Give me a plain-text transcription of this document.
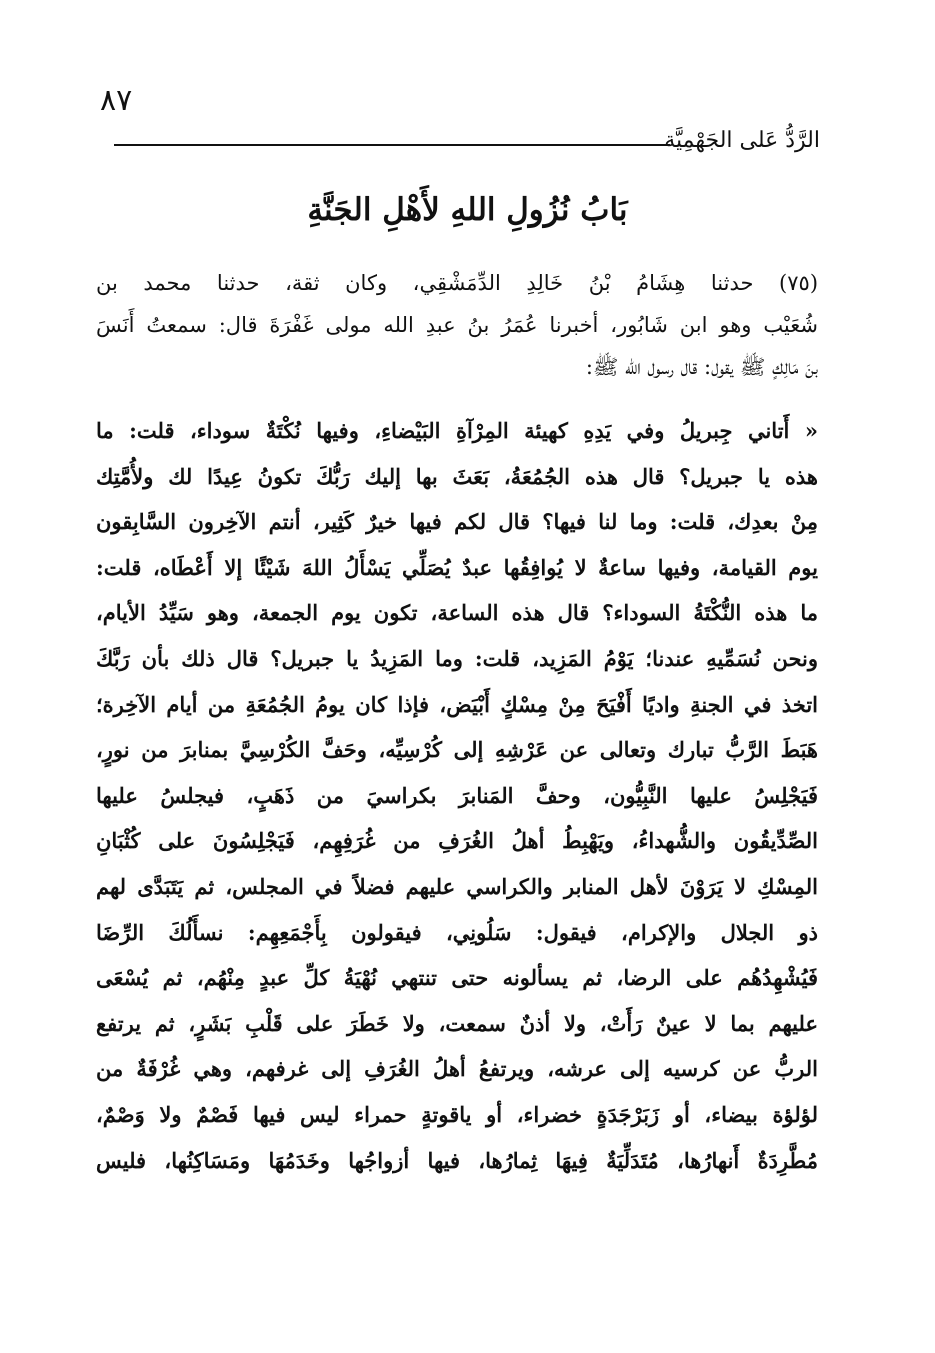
٨٧
الرَّدُّ عَلى الجَهْمِيَّة
بَابُ نُزُولِ اللهِ لأَهْلِ الجَنَّةِ
(٧٥) حدثنا هِشَامُ بْنُ خَالِدِ الدِّمَشْقِي، وكان ثقة، حدثنا محمد بن
شُعَيْب وهو ابن شَابُور، أخبرنا عُمَرُ بنُ عبدِ الله مولى غَفْرَةَ قال: سمعتُ أَنَسَ
بنَ مَالِكٍ ﷺ يقول: قال رسول الله ﷺ:
« أَتاني جِبريلُ وفي يَدِهِ كهيئة المِرْآةِ البَيْضاءِ، وفيها نُكْتَةٌ سوداء، قلت: ما
هذه يا جبريل؟ قال هذه الجُمُعَةُ، بَعَثَ بها إليك رَبُّكَ تكونُ عِيدًا لك ولأُمَّتِك
مِنْ بعدِك، قلت: وما لنا فيها؟ قال لكم فيها خيرٌ كَثِير، أنتم الآخِرون السَّابِقون
يوم القيامة، وفيها ساعةٌ لا يُوافِقُها عبدٌ يُصَلِّي يَسْأَلُ اللهَ شَيْئًا إلا أَعْطَاه، قلت:
ما هذه النُّكْتَةُ السوداء؟ قال هذه الساعة، تكون يوم الجمعة، وهو سَيِّدُ الأيام،
ونحن نُسَمِّيهِ عندنا؛ يَوْمُ المَزِيد، قلت: وما المَزِيدُ يا جبريل؟ قال ذلك بأن رَبَّكَ
اتخذ في الجنةِ واديًا أَفْيَحَ مِنْ مِسْكٍ أَبْيَض، فإذا كان يومُ الجُمُعَةِ من أيام الآخِرة؛
هَبَطَ الرَّبُّ تبارك وتعالى عن عَرْشِهِ إلى كُرْسِيِّه، وحَفَّ الكُرْسِيَّ بمنابرَ من نورٍ،
فَيَجْلِسُ عليها النَّبِيُّون، وحفَّ المَنابرَ بكراسيَ من ذَهَبٍ، فيجلسُ عليها
الصِّدِّيقُون والشُّهداءُ، ويَهْبِطُ أهلُ الغُرَفِ من غُرَفِهِم، فَيَجْلِسُونَ على كُثْبَانِ
المِسْكِ لا يَرَوْنَ لأهل المنابر والكراسي عليهم فضلاً في المجلس، ثم يَتَبَدَّى لهم
ذو الجلال والإكرام، فيقول: سَلُونِي، فيقولون بِأَجْمَعِهِم: نسأَلُكَ الرِّضَا
فَيُشْهِدُهُم على الرضا، ثم يسألونه حتى تنتهي نُهْيَةُ كلِّ عبدٍ مِنْهُم، ثم يُسْعَى
عليهم بما لا عينٌ رَأَتْ، ولا أذنٌ سمعت، ولا خَطَرَ على قَلْبِ بَشَرٍ، ثم يرتفع
الربُّ عن كرسيه إلى عرشه، ويرتفعُ أهلُ الغُرَفِ إلى غرفهم، وهي غُرْفَةٌ من
لؤلؤة بيضاء، أو زَبَرْجَدَةٍ خضراء، أو ياقوتةٍ حمراء ليس فيها فَصْمٌ ولا وَصْمٌ،
مُطَّرِدَةٌ أَنهارُها، مُتَدَلِّيَةٌ فِيهَا ثِمارُها، فيها أزواجُها وخَدَمُهَا ومَسَاكِنُها، فليس
